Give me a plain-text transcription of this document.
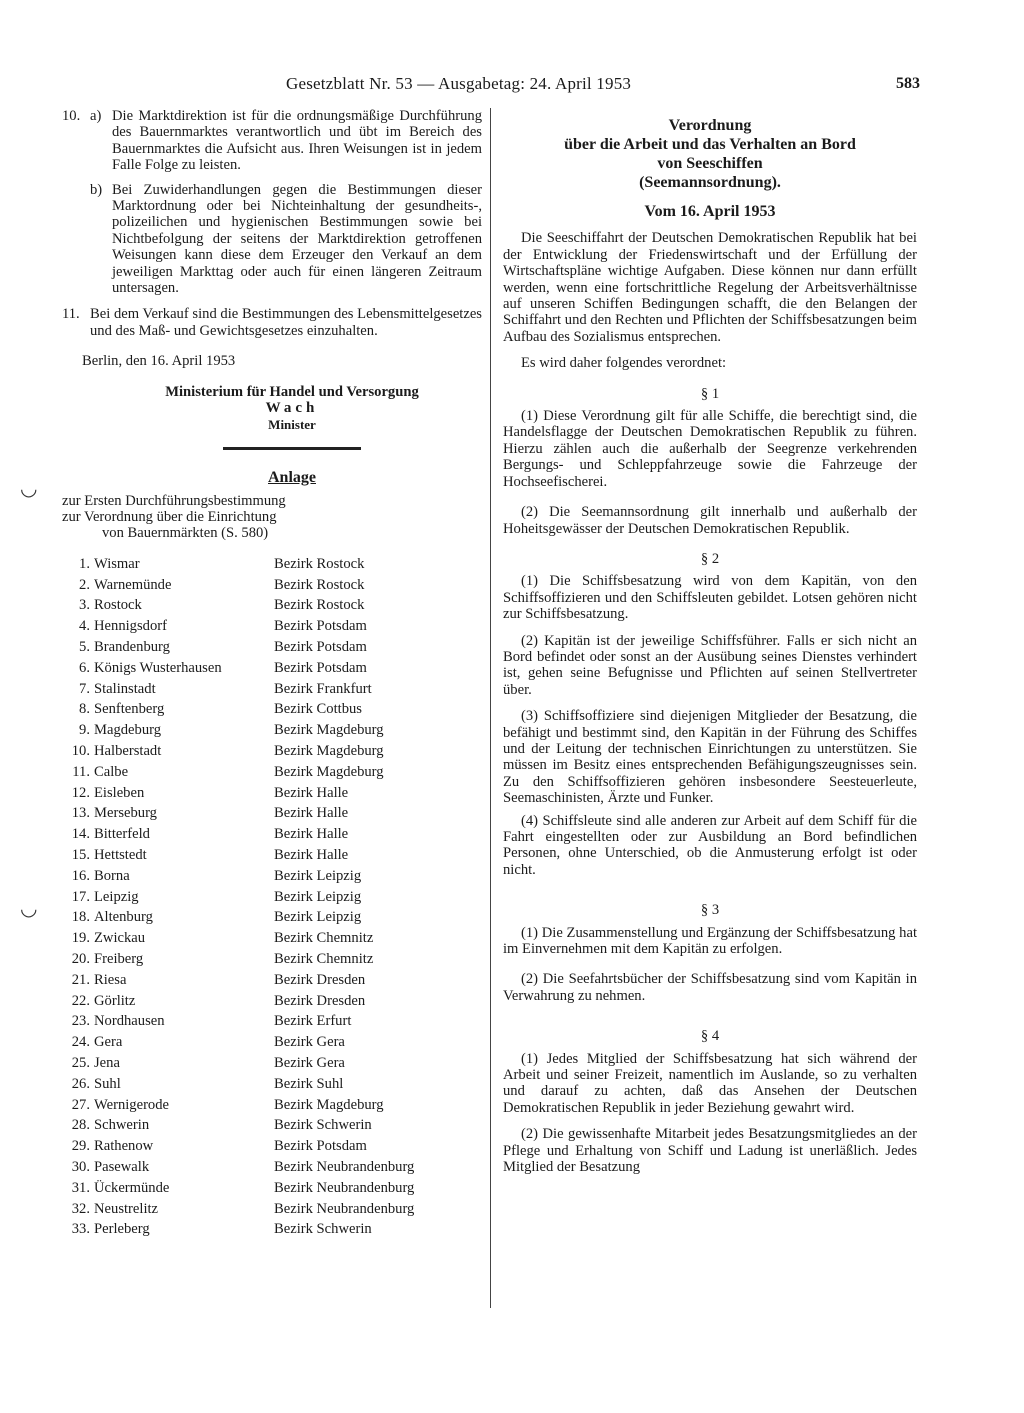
Gesetzblatt Nr. 53 — Ausgabetag: 24. April 1953	583
◡
◡
10. a) Die Marktdirektion ist für die ordnungsmäßige Durchführung des Bauernmarktes verantwortlich und übt im Bereich des Bauernmarktes die Aufsicht aus. Ihren Weisungen ist in jedem Falle Folge zu leisten.

b) Bei Zuwiderhandlungen gegen die Bestimmungen dieser Marktordnung oder bei Nichteinhaltung der gesundheits-, polizeilichen und hygienischen Bestimmungen sowie bei Nichtbefolgung der seitens der Marktdirektion getroffenen Weisungen kann diese dem Erzeuger den Verkauf an dem jeweiligen Markttag oder auch für einen längeren Zeitraum untersagen.

11. Bei dem Verkauf sind die Bestimmungen des Lebensmittelgesetzes und des Maß- und Gewichtsgesetzes einzuhalten.

Berlin, den 16. April 1953

Ministerium für Handel und Versorgung
Wach
Minister
Anlage
zur Ersten Durchführungsbestimmung
zur Verordnung über die Einrichtung
von Bauernmärkten (S. 580)
1. Wismar	Bezirk Rostock
2. Warnemünde	Bezirk Rostock
3. Rostock	Bezirk Rostock
4. Hennigsdorf	Bezirk Potsdam
5. Brandenburg	Bezirk Potsdam
6. Königs Wusterhausen	Bezirk Potsdam
7. Stalinstadt	Bezirk Frankfurt
8. Senftenberg	Bezirk Cottbus
9. Magdeburg	Bezirk Magdeburg
10. Halberstadt	Bezirk Magdeburg
11. Calbe	Bezirk Magdeburg
12. Eisleben	Bezirk Halle
13. Merseburg	Bezirk Halle
14. Bitterfeld	Bezirk Halle
15. Hettstedt	Bezirk Halle
16. Borna	Bezirk Leipzig
17. Leipzig	Bezirk Leipzig
18. Altenburg	Bezirk Leipzig
19. Zwickau	Bezirk Chemnitz
20. Freiberg	Bezirk Chemnitz
21. Riesa	Bezirk Dresden
22. Görlitz	Bezirk Dresden
23. Nordhausen	Bezirk Erfurt
24. Gera	Bezirk Gera
25. Jena	Bezirk Gera
26. Suhl	Bezirk Suhl
27. Wernigerode	Bezirk Magdeburg
28. Schwerin	Bezirk Schwerin
29. Rathenow	Bezirk Potsdam
30. Pasewalk	Bezirk Neubrandenburg
31. Ückermünde	Bezirk Neubrandenburg
32. Neustrelitz	Bezirk Neubrandenburg
33. Perleberg	Bezirk Schwerin
Verordnung
über die Arbeit und das Verhalten an Bord
von Seeschiffen
(Seemannsordnung).
Vom 16. April 1953

Die Seeschiffahrt der Deutschen Demokratischen Republik hat bei der Entwicklung der Friedenswirtschaft und der Erfüllung der Wirtschaftspläne wichtige Aufgaben. Diese können nur dann erfüllt werden, wenn eine fortschrittliche Regelung der Arbeitsverhältnisse auf unseren Schiffen Bedingungen schafft, die den Belangen der Schiffahrt und den Rechten und Pflichten der Schiffsbesatzungen beim Aufbau des Sozialismus entsprechen.

Es wird daher folgendes verordnet:

§ 1

(1) Diese Verordnung gilt für alle Schiffe, die berechtigt sind, die Handelsflagge der Deutschen Demokratischen Republik zu führen. Hierzu zählen auch die außerhalb der Seegrenze verkehrenden Bergungs- und Schleppfahrzeuge sowie die Fahrzeuge der Hochseefischerei.

(2) Die Seemannsordnung gilt innerhalb und außerhalb der Hoheitsgewässer der Deutschen Demokratischen Republik.

§ 2

(1) Die Schiffsbesatzung wird von dem Kapitän, von den Schiffsoffizieren und den Schiffsleuten gebildet. Lotsen gehören nicht zur Schiffsbesatzung.

(2) Kapitän ist der jeweilige Schiffsführer. Falls er sich nicht an Bord befindet oder sonst an der Ausübung seines Dienstes verhindert ist, gehen seine Befugnisse und Pflichten auf seinen Stellvertreter über.

(3) Schiffsoffiziere sind diejenigen Mitglieder der Besatzung, die befähigt und bestimmt sind, den Kapitän in der Führung des Schiffes und der Leitung der technischen Einrichtungen zu unterstützen. Sie müssen im Besitz eines entsprechenden Befähigungszeugnisses sein. Zu den Schiffsoffizieren gehören insbesondere Seesteuerleute, Seemaschinisten, Ärzte und Funker.

(4) Schiffsleute sind alle anderen zur Arbeit auf dem Schiff für die Fahrt eingestellten oder zur Ausbildung an Bord befindlichen Personen, ohne Unterschied, ob die Anmusterung erfolgt ist oder nicht.

§ 3

(1) Die Zusammenstellung und Ergänzung der Schiffsbesatzung hat im Einvernehmen mit dem Kapitän zu erfolgen.

(2) Die Seefahrtsbücher der Schiffsbesatzung sind vom Kapitän in Verwahrung zu nehmen.

§ 4

(1) Jedes Mitglied der Schiffsbesatzung hat sich während der Arbeit und seiner Freizeit, namentlich im Auslande, so zu verhalten und darauf zu achten, daß das Ansehen der Deutschen Demokratischen Republik in jeder Beziehung gewahrt wird.

(2) Die gewissenhafte Mitarbeit jedes Besatzungsmitgliedes an der Pflege und Erhaltung von Schiff und Ladung ist unerläßlich. Jedes Mitglied der Besatzung
